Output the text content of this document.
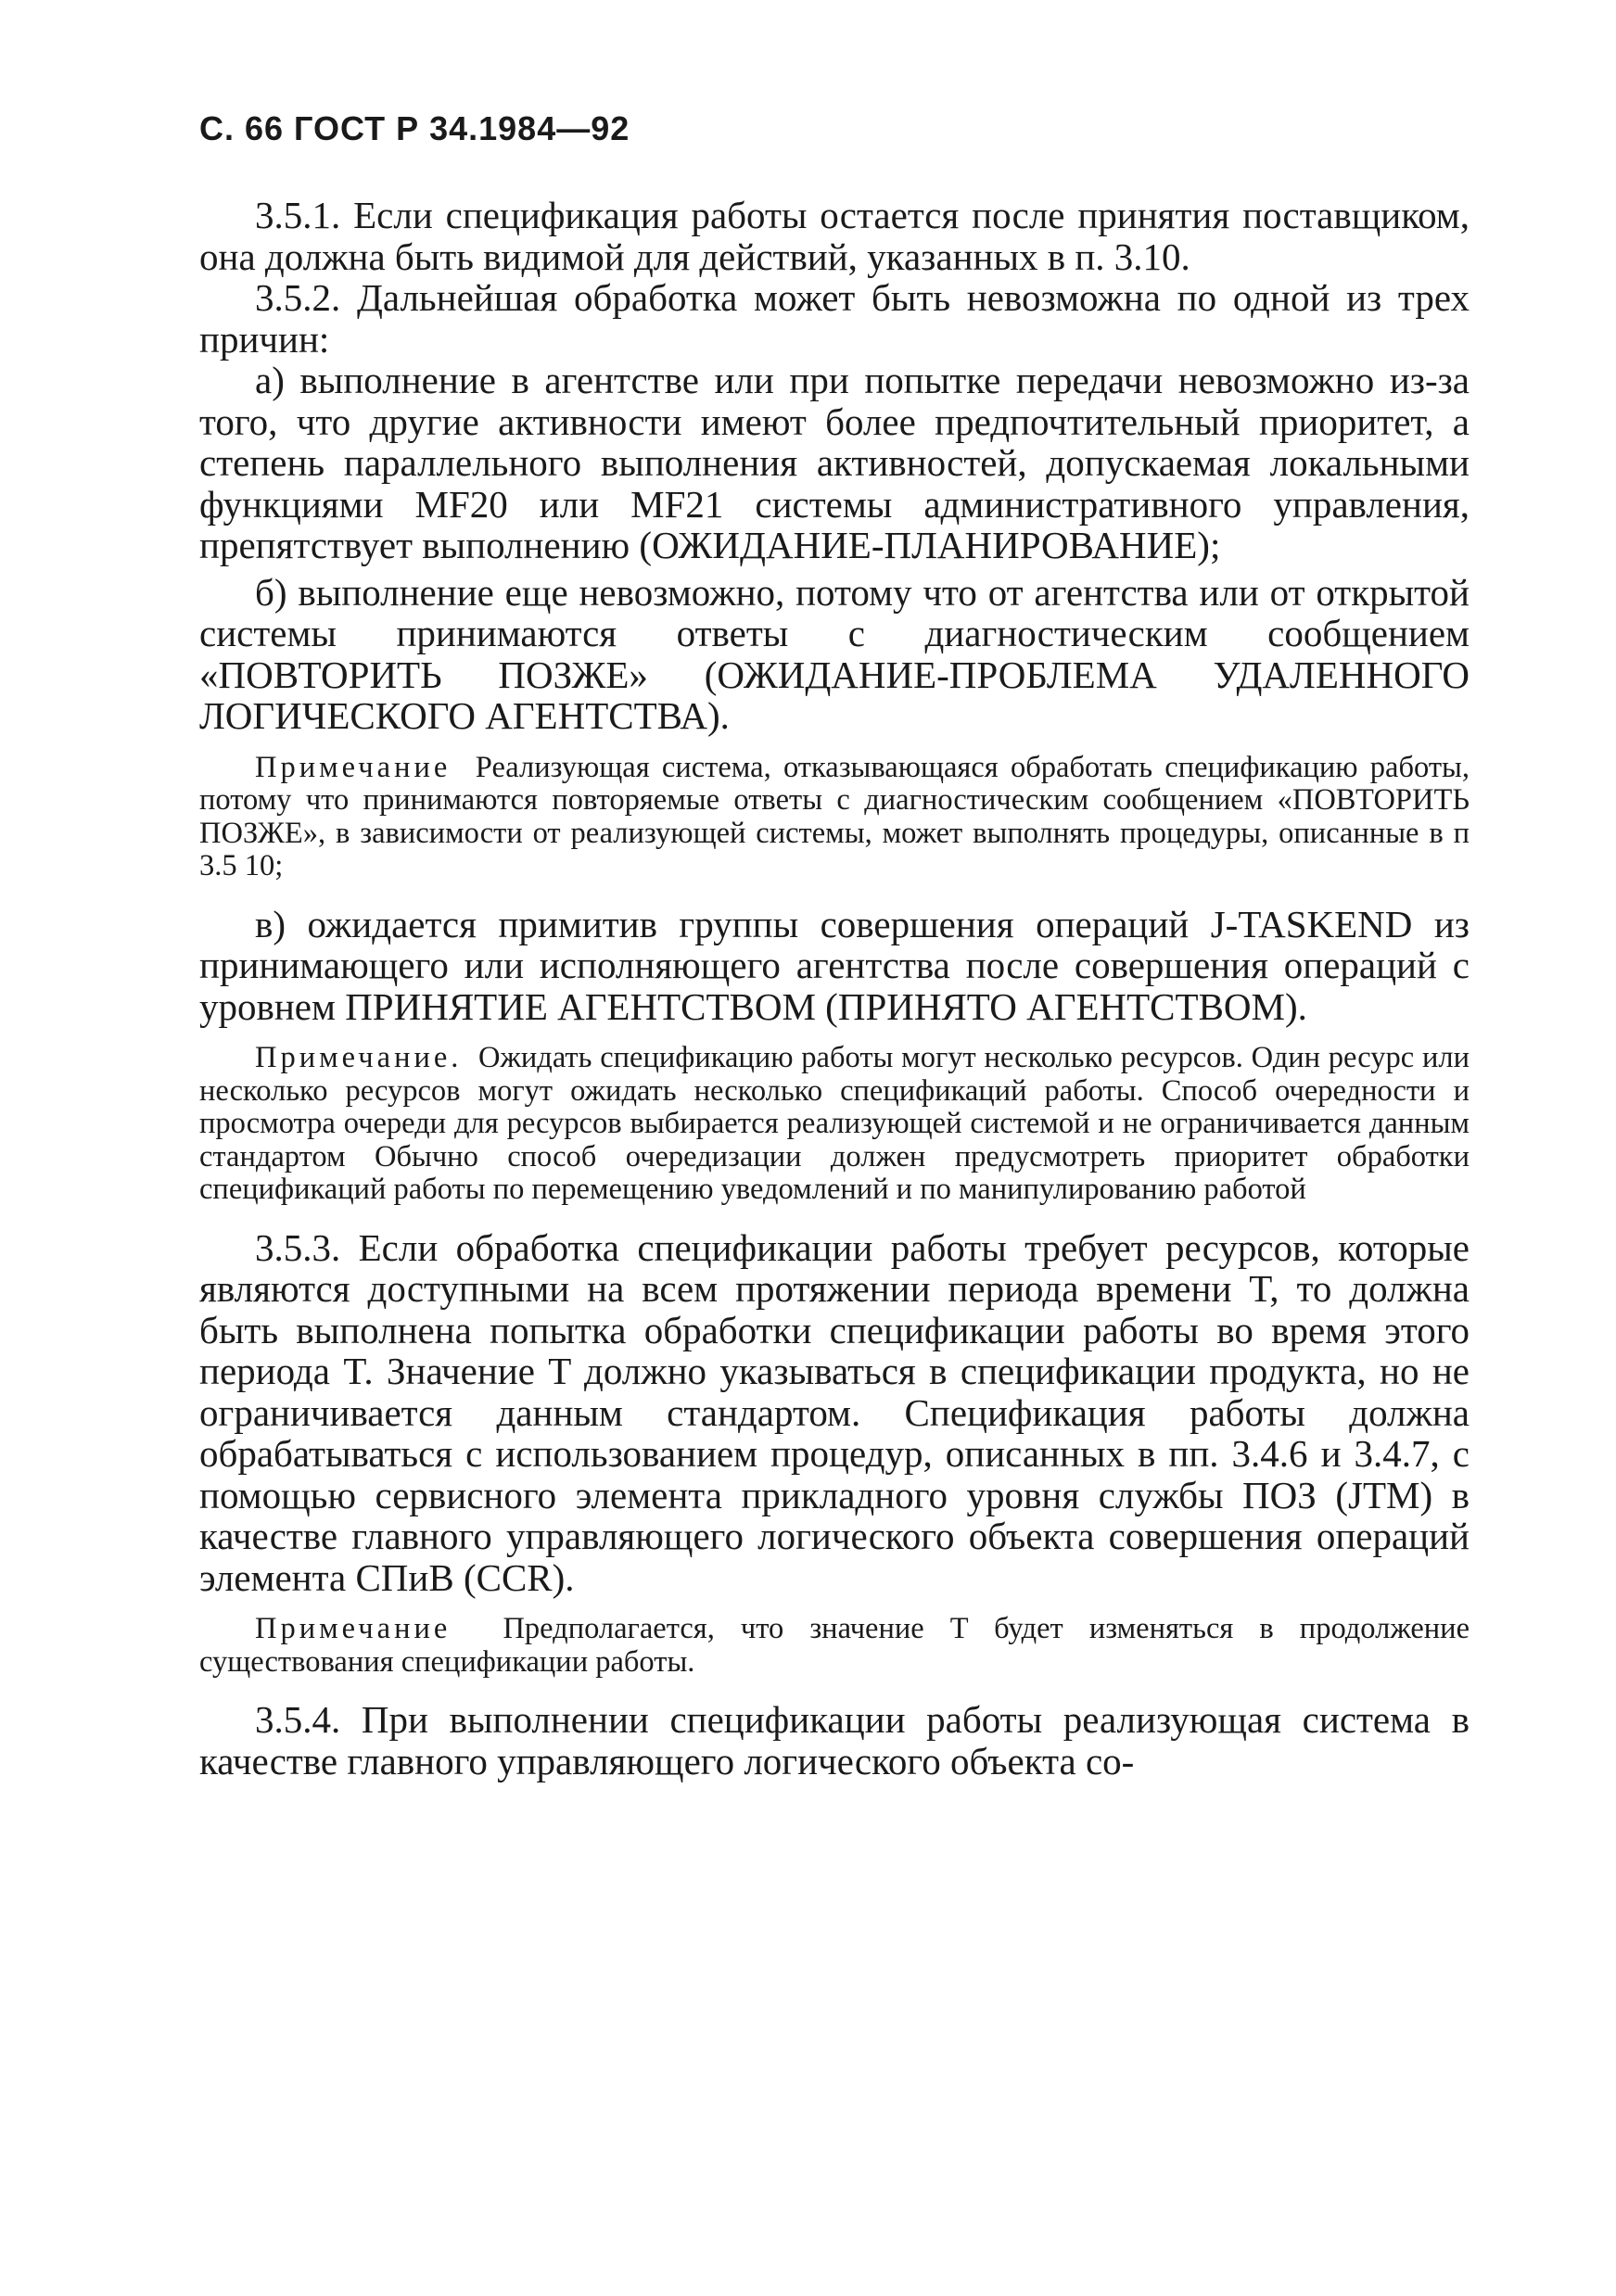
С. 66 ГОСТ Р 34.1984—92

3.5.1. Если спецификация работы остается после принятия поставщиком, она должна быть видимой для действий, указанных в п. 3.10.

3.5.2. Дальнейшая обработка может быть невозможна по одной из трех причин:

а) выполнение в агентстве или при попытке передачи невозможно из-за того, что другие активности имеют более предпочтительный приоритет, а степень параллельного выполнения активностей, допускаемая локальными функциями MF20 или MF21 системы административного управления, препятствует выполнению (ОЖИДАНИЕ-ПЛАНИРОВАНИЕ);

б) выполнение еще невозможно, потому что от агентства или от открытой системы принимаются ответы с диагностическим сообщением «ПОВТОРИТЬ ПОЗЖЕ» (ОЖИДАНИЕ-ПРОБЛЕМА УДАЛЕННОГО ЛОГИЧЕСКОГО АГЕНТСТВА).

Примечание Реализующая система, отказывающаяся обработать спецификацию работы, потому что принимаются повторяемые ответы с диагностическим сообщением «ПОВТОРИТЬ ПОЗЖЕ», в зависимости от реализующей системы, может выполнять процедуры, описанные в п 3.5 10;

в) ожидается примитив группы совершения операций J-TASKEND из принимающего или исполняющего агентства после совершения операций с уровнем ПРИНЯТИЕ АГЕНТСТВОМ (ПРИНЯТО АГЕНТСТВОМ).

Примечание. Ожидать спецификацию работы могут несколько ресурсов. Один ресурс или несколько ресурсов могут ожидать несколько спецификаций работы. Способ очередности и просмотра очереди для ресурсов выбирается реализующей системой и не ограничивается данным стандартом Обычно способ очередизации должен предусмотреть приоритет обработки спецификаций работы по перемещению уведомлений и по манипулированию работой

3.5.3. Если обработка спецификации работы требует ресурсов, которые являются доступными на всем протяжении периода времени T, то должна быть выполнена попытка обработки спецификации работы во время этого периода T. Значение T должно указываться в спецификации продукта, но не ограничивается данным стандартом. Спецификация работы должна обрабатываться с использованием процедур, описанных в пп. 3.4.6 и 3.4.7, с помощью сервисного элемента прикладного уровня службы ПОЗ (JTM) в качестве главного управляющего логического объекта совершения операций элемента СПиВ (CCR).

Примечание Предполагается, что значение T будет изменяться в продолжение существования спецификации работы.

3.5.4. При выполнении спецификации работы реализующая система в качестве главного управляющего логического объекта со-
